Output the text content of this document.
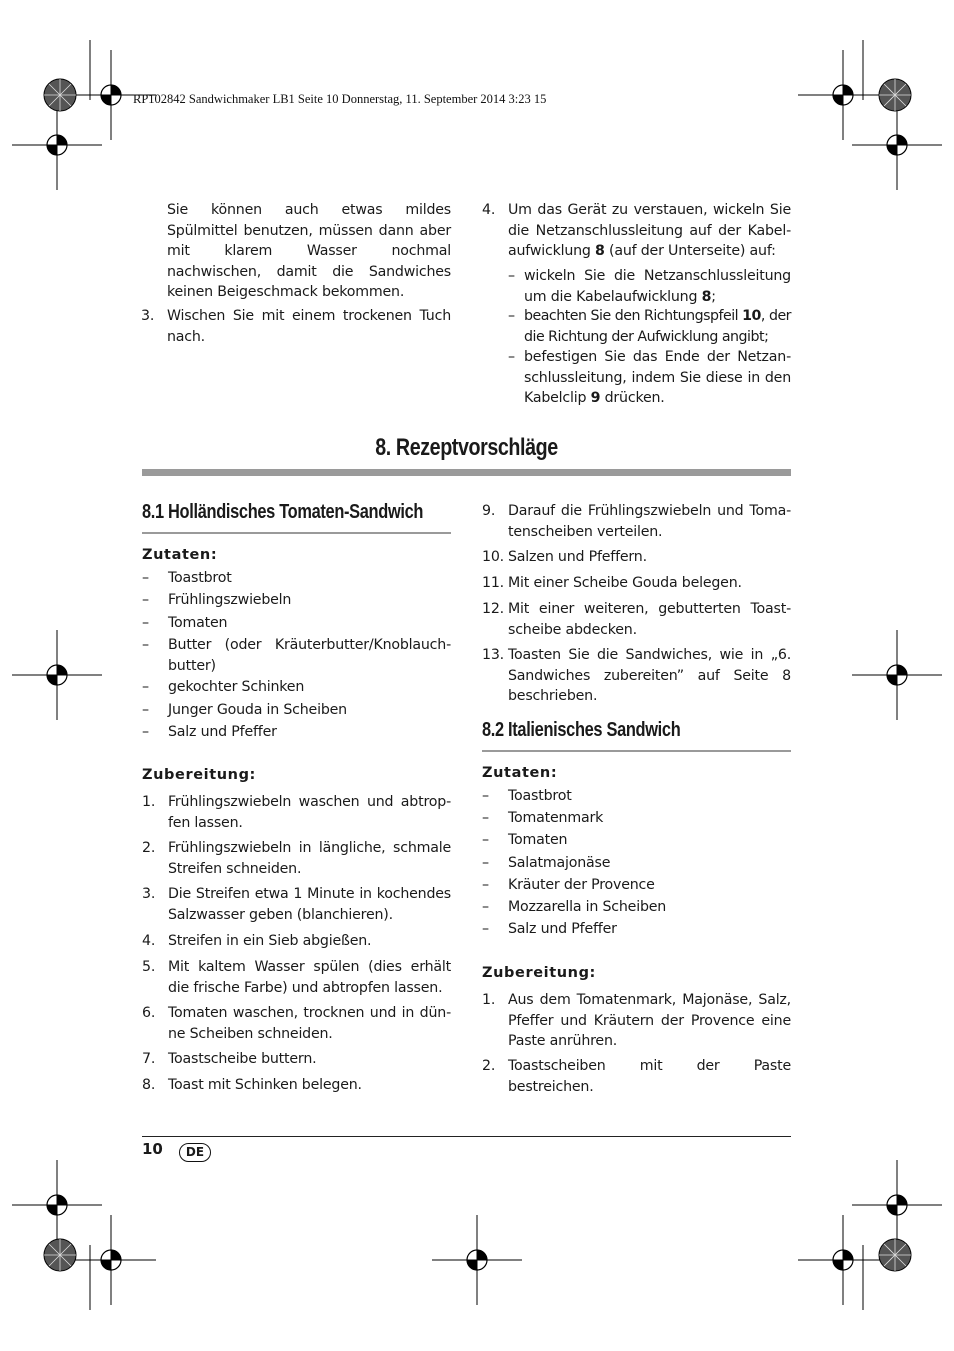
RP102842 Sandwichmaker LB1 Seite 10 Donnerstag, 11. September 2014 3:23 15
Sie können auch etwas mildes Spülmittel benutzen, müssen dann aber mit klarem Wasser nochmal nachwischen, damit die Sandwiches keinen Beigeschmack bekommen.
3. Wischen Sie mit einem trockenen Tuch nach.
4. Um das Gerät zu verstauen, wickeln Sie die Netzanschlussleitung auf der Kabel-aufwicklung 8 (auf der Unterseite) auf:
– wickeln Sie die Netzanschlussleitung um die Kabelaufwicklung 8;
– beachten Sie den Richtungspfeil 10, der die Richtung der Aufwicklung angibt;
– befestigen Sie das Ende der Netzan-schlussleitung, indem Sie diese in den Kabelclip 9 drücken.
8. Rezeptvorschläge
8.1 Holländisches Tomaten-Sandwich
Zutaten:
–	Toastbrot
–	Frühlingszwiebeln
–	Tomaten
–	Butter (oder Kräuterbutter/Knoblauch-butter)
–	gekochter Schinken
–	Junger Gouda in Scheiben
–	Salz und Pfeffer
Zubereitung:
1. Frühlingszwiebeln waschen und abtrop-fen lassen.
2. Frühlingszwiebeln in längliche, schmale Streifen schneiden.
3. Die Streifen etwa 1 Minute in kochendes Salzwasser geben (blanchieren).
4. Streifen in ein Sieb abgießen.
5. Mit kaltem Wasser spülen (dies erhält die frische Farbe) und abtropfen lassen.
6. Tomaten waschen, trocknen und in dün-ne Scheiben schneiden.
7. Toastscheibe buttern.
8. Toast mit Schinken belegen.
9. Darauf die Frühlingszwiebeln und Toma-tenscheiben verteilen.
10. Salzen und Pfeffern.
11. Mit einer Scheibe Gouda belegen.
12. Mit einer weiteren, gebutterten Toast-scheibe abdecken.
13. Toasten Sie die Sandwiches, wie in „6. Sandwiches zubereiten” auf Seite 8 beschrieben.
8.2 Italienisches Sandwich
Zutaten:
–	Toastbrot
–	Tomatenmark
–	Tomaten
–	Salatmajonäse
–	Kräuter der Provence
–	Mozzarella in Scheiben
–	Salz und Pfeffer
Zubereitung:
1. Aus dem Tomatenmark, Majonäse, Salz, Pfeffer und Kräutern der Provence eine Paste anrühren.
2. Toastscheiben mit der Paste bestreichen.
10	DE
